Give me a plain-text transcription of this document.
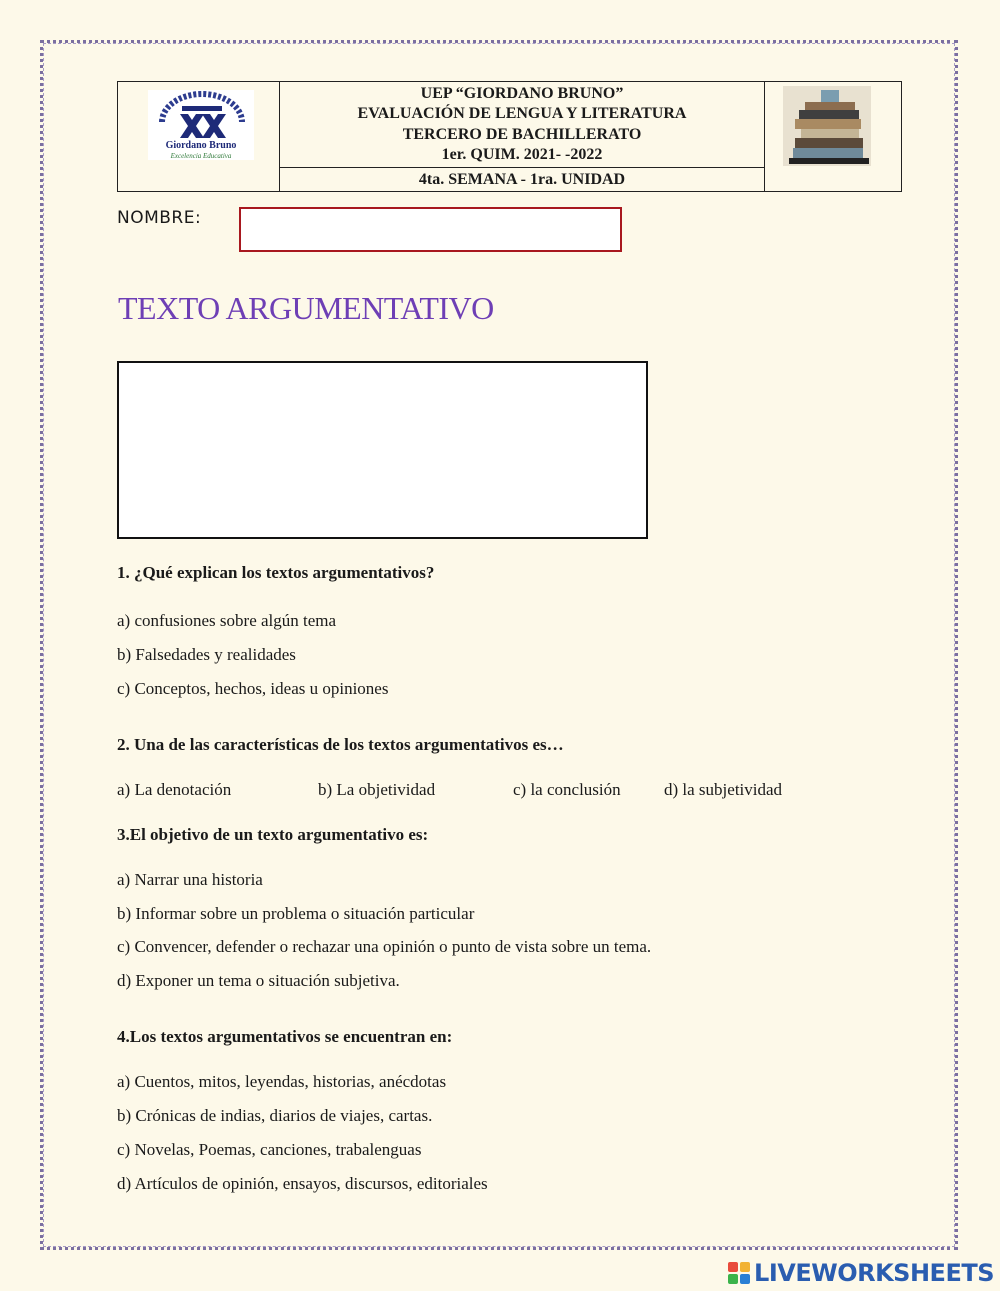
Giordano Bruno
Excelencia Educativa

UEP “GIORDANO BRUNO”
EVALUACIÓN DE LENGUA Y LITERATURA
TERCERO DE BACHILLERATO
1er. QUIM. 2021- -2022

4ta. SEMANA - 1ra. UNIDAD
NOMBRE:
TEXTO ARGUMENTATIVO
1. ¿Qué explican los textos argumentativos?
a) confusiones sobre algún tema
b) Falsedades y realidades
c) Conceptos, hechos, ideas u opiniones
2. Una de las características de los textos argumentativos es…
a) La denotación	b) La objetividad	c) la conclusión	d) la subjetividad
3.El objetivo de un texto argumentativo es:
a) Narrar una historia
b) Informar sobre un problema o situación particular
c) Convencer, defender o rechazar una opinión o punto de vista sobre un tema.
d) Exponer un tema o situación subjetiva.
4.Los textos argumentativos se encuentran en:
a) Cuentos, mitos, leyendas, historias, anécdotas
b) Crónicas de indias, diarios de viajes, cartas.
c) Novelas, Poemas, canciones, trabalenguas
d) Artículos de opinión, ensayos, discursos, editoriales
LIVEWORKSHEETS
